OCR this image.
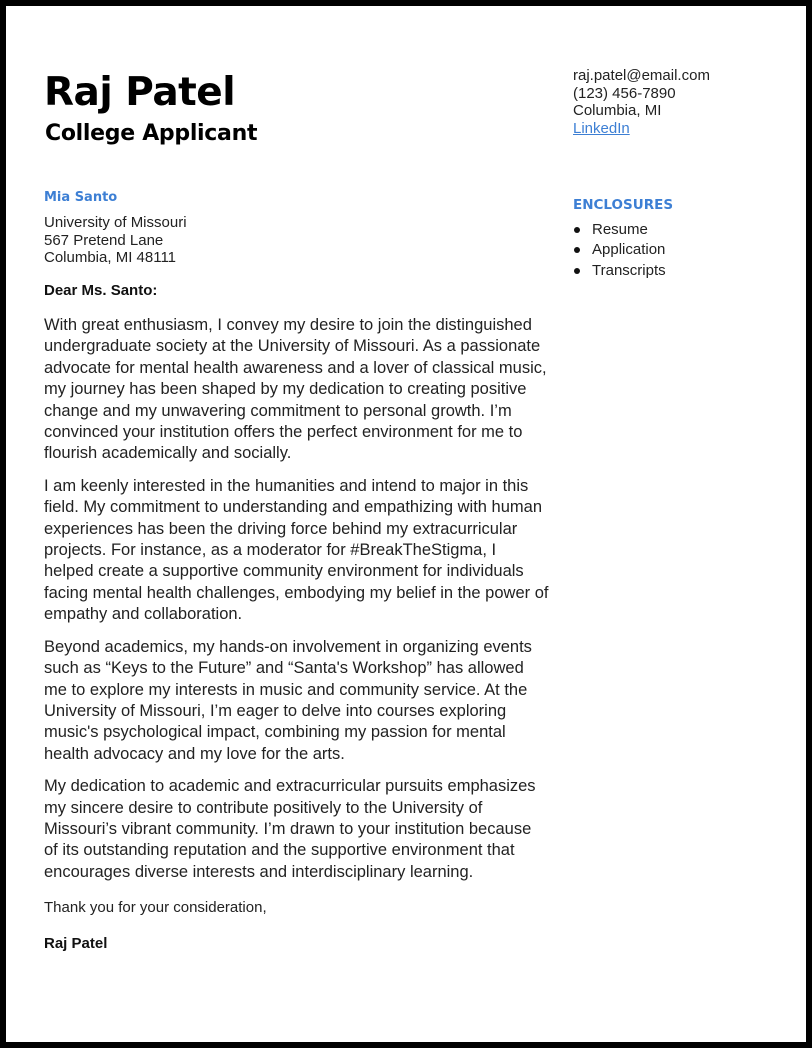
Raj Patel
College Applicant
raj.patel@email.com
(123) 456-7890
Columbia, MI
LinkedIn
ENCLOSURES
Resume
Application
Transcripts
Mia Santo
University of Missouri
567 Pretend Lane
Columbia, MI 48111
Dear Ms. Santo:

With great enthusiasm, I convey my desire to join the distinguished undergraduate society at the University of Missouri. As a passionate advocate for mental health awareness and a lover of classical music, my journey has been shaped by my dedication to creating positive change and my unwavering commitment to personal growth. I’m convinced your institution offers the perfect environment for me to flourish academically and socially.

I am keenly interested in the humanities and intend to major in this field. My commitment to understanding and empathizing with human experiences has been the driving force behind my extracurricular projects. For instance, as a moderator for #BreakTheStigma, I helped create a supportive community environment for individuals facing mental health challenges, embodying my belief in the power of empathy and collaboration.

Beyond academics, my hands-on involvement in organizing events such as “Keys to the Future” and “Santa's Workshop” has allowed me to explore my interests in music and community service. At the University of Missouri, I’m eager to delve into courses exploring music's psychological impact, combining my passion for mental health advocacy and my love for the arts.

My dedication to academic and extracurricular pursuits emphasizes my sincere desire to contribute positively to the University of Missouri’s vibrant community. I’m drawn to your institution because of its outstanding reputation and the supportive environment that encourages diverse interests and interdisciplinary learning.

Thank you for your consideration,
Raj Patel
